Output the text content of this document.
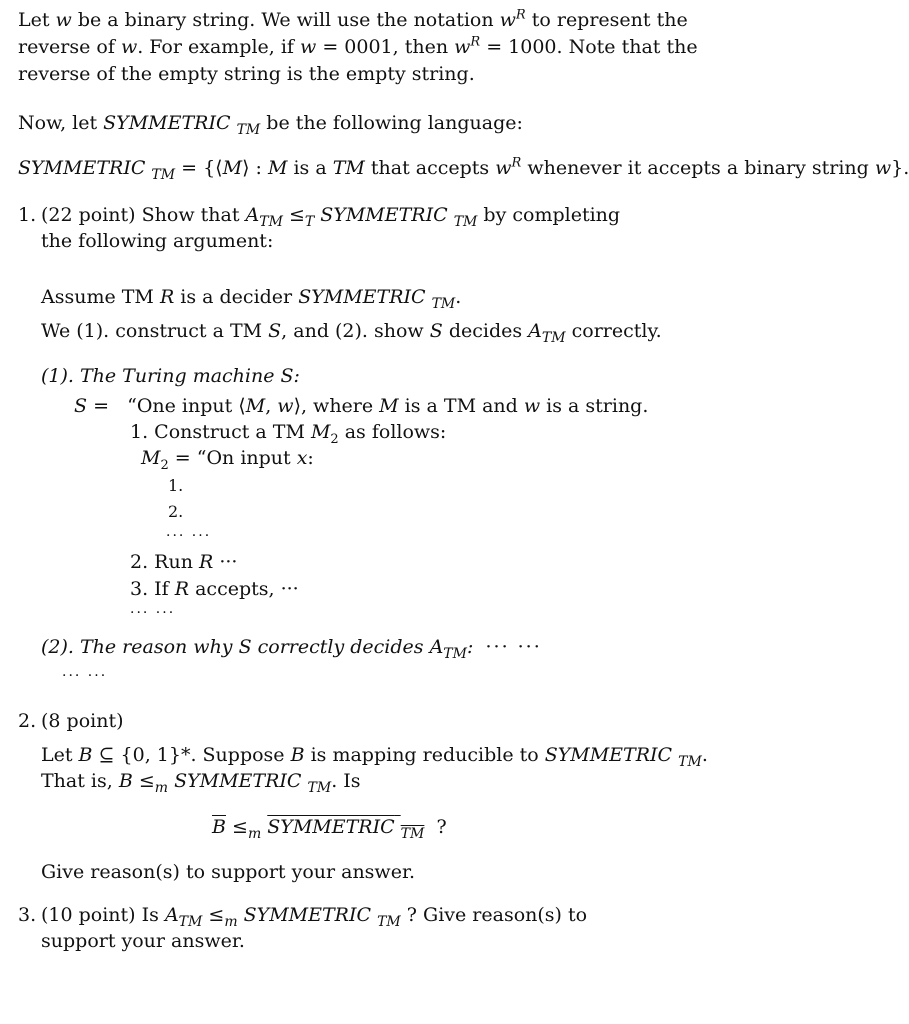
Let w be a binary string. We will use the notation $w^R$ to represent the
reverse of w. For example, if w = 0001, then $w^R = 1000$. Note that the
reverse of the empty string is the empty string.
Now, let SYMMETRIC $_{TM}$ be the following language:
SYMMETRIC $_{TM}$ = {⟨M⟩ : M is a TM that accepts $w^R$ whenever it accepts a binary string w}.
1. (22 point) Show that $A_{TM} \le_T$ SYMMETRIC $_{TM}$ by completing
the following argument:
Assume TM R is a decider SYMMETRIC $_{TM}$.
We (1). construct a TM S, and (2). show S decides $A_{TM}$ correctly.
(1). The Turing machine S:
S =   “One input ⟨M, w⟩, where M is a TM and w is a string.
1. Construct a TM $M_2$ as follows:
$M_2$ = “On input x:
1.
2.
··· ···
2. Run R ···
3. If R accepts, ···
··· ···
(2). The reason why S correctly decides $A_{TM}$: ··· ···
··· ···
2. (8 point)
Let B ⊆ {0, 1}*. Suppose B is mapping reducible to SYMMETRIC $_{TM}$.
That is, $B \le_m$ SYMMETRIC $_{TM}$. Is
$\overline{B} \le_m$ SYMMETRIC $_{TM}$  ?
Give reason(s) to support your answer.
3. (10 point) Is $A_{TM} \le_m$ SYMMETRIC $_{TM}$ ? Give reason(s) to
support your answer.
